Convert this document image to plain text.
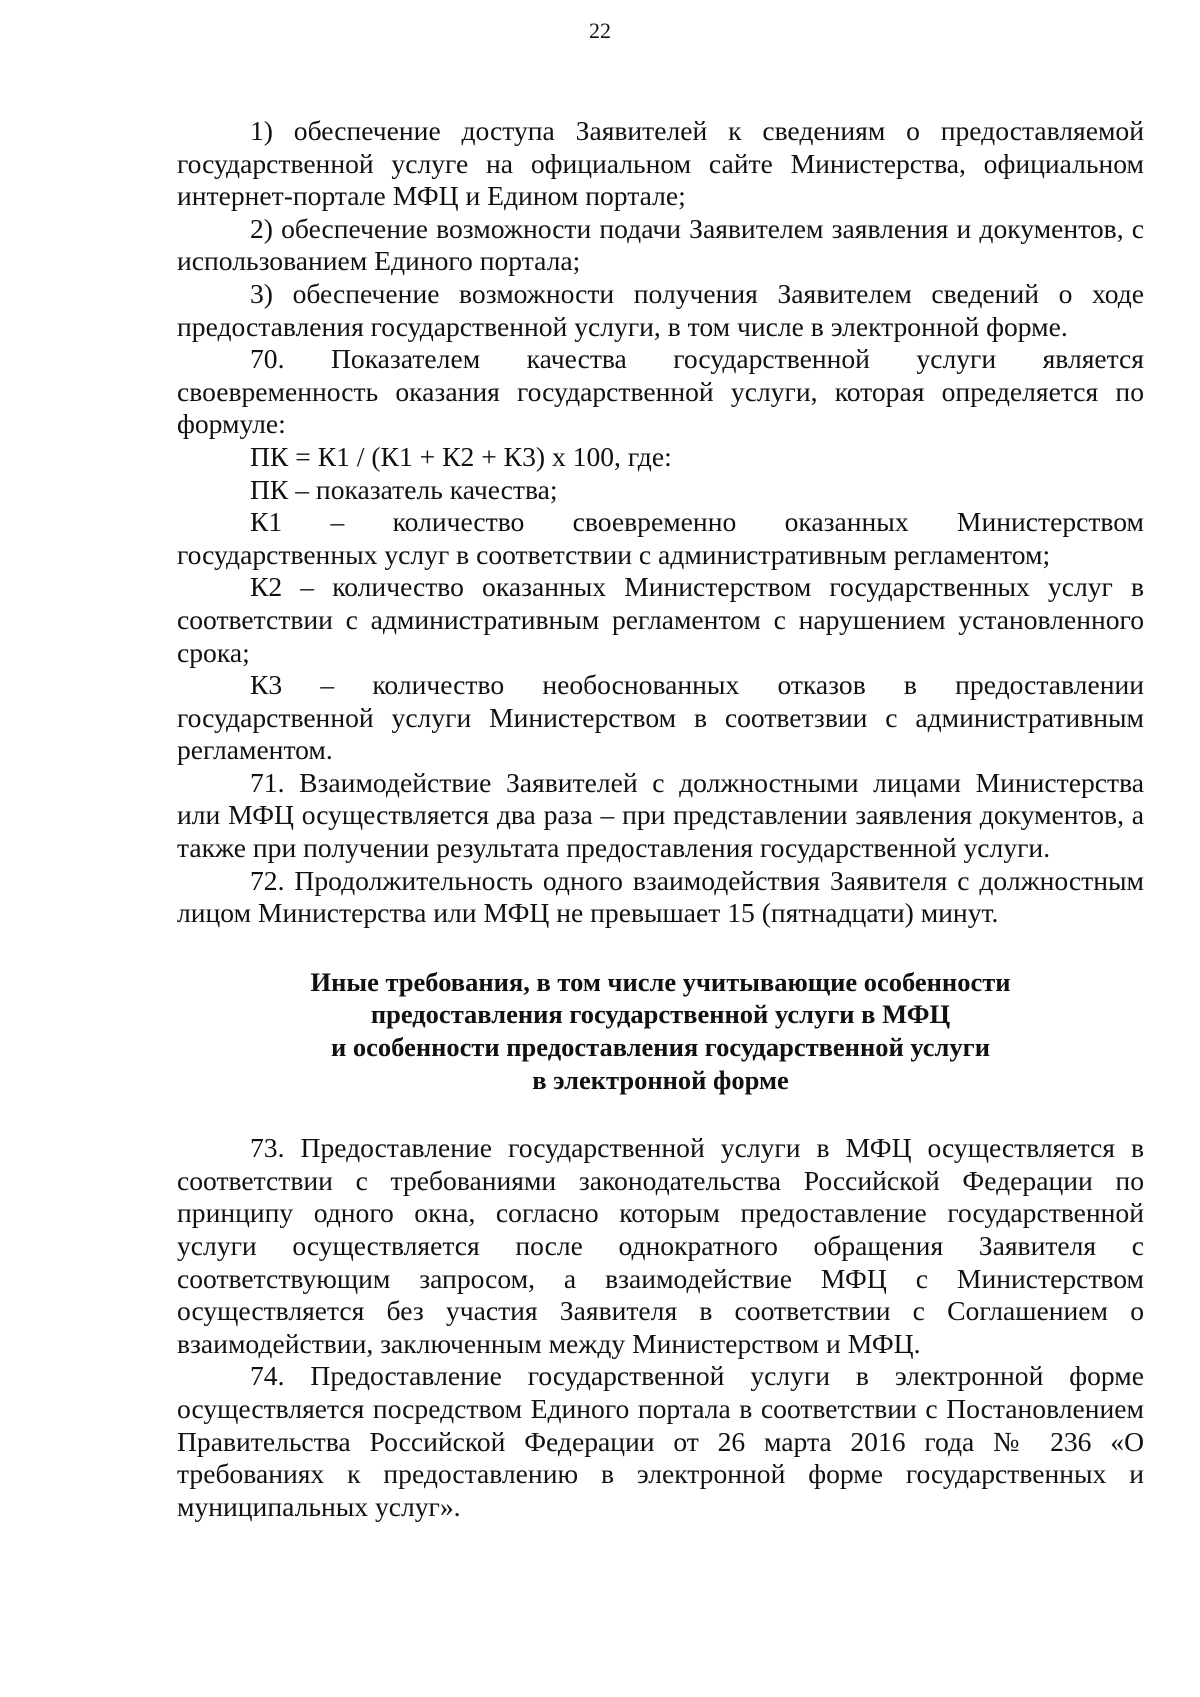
22

1) обеспечение доступа Заявителей к сведениям о предоставляемой государственной услуге на официальном сайте Министерства, официальном интернет-портале МФЦ и Едином портале;

2) обеспечение возможности подачи Заявителем заявления и документов, с использованием Единого портала;

3) обеспечение возможности получения Заявителем сведений о ходе предоставления государственной услуги, в том числе в электронной форме.

70. Показателем качества государственной услуги является своевременность оказания государственной услуги, которая определяется по формуле:

ПК = К1 / (К1 + К2 + К3) х 100, где:

ПК – показатель качества;

К1 – количество своевременно оказанных Министерством государственных услуг в соответствии с административным регламентом;

К2 – количество оказанных Министерством государственных услуг в соответствии с административным регламентом с нарушением установленного срока;

К3 – количество необоснованных отказов в предоставлении государственной услуги Министерством в соответзвии с административным регламентом.

71. Взаимодействие Заявителей с должностными лицами Министерства или МФЦ осуществляется два раза – при представлении заявления документов, а также при получении результата предоставления государственной услуги.

72. Продолжительность одного взаимодействия Заявителя с должностным лицом Министерства или МФЦ не превышает 15 (пятнадцати) минут.

Иные требования, в том числе учитывающие особенности

предоставления государственной услуги в МФЦ

и особенности предоставления государственной услуги

в электронной форме

73. Предоставление государственной услуги в МФЦ осуществляется в соответствии с требованиями законодательства Российской Федерации по принципу одного окна, согласно которым предоставление государственной услуги осуществляется после однократного обращения Заявителя с соответствующим запросом, а взаимодействие МФЦ с Министерством осуществляется без участия Заявителя в соответствии с Соглашением о взаимодействии, заключенным между Министерством и МФЦ.

74. Предоставление государственной услуги в электронной форме осуществляется посредством Единого портала в соответствии с Постановлением Правительства Российской Федерации от 26 марта 2016 года № 236 «О требованиях к предоставлению в электронной форме государственных и муниципальных услуг».
